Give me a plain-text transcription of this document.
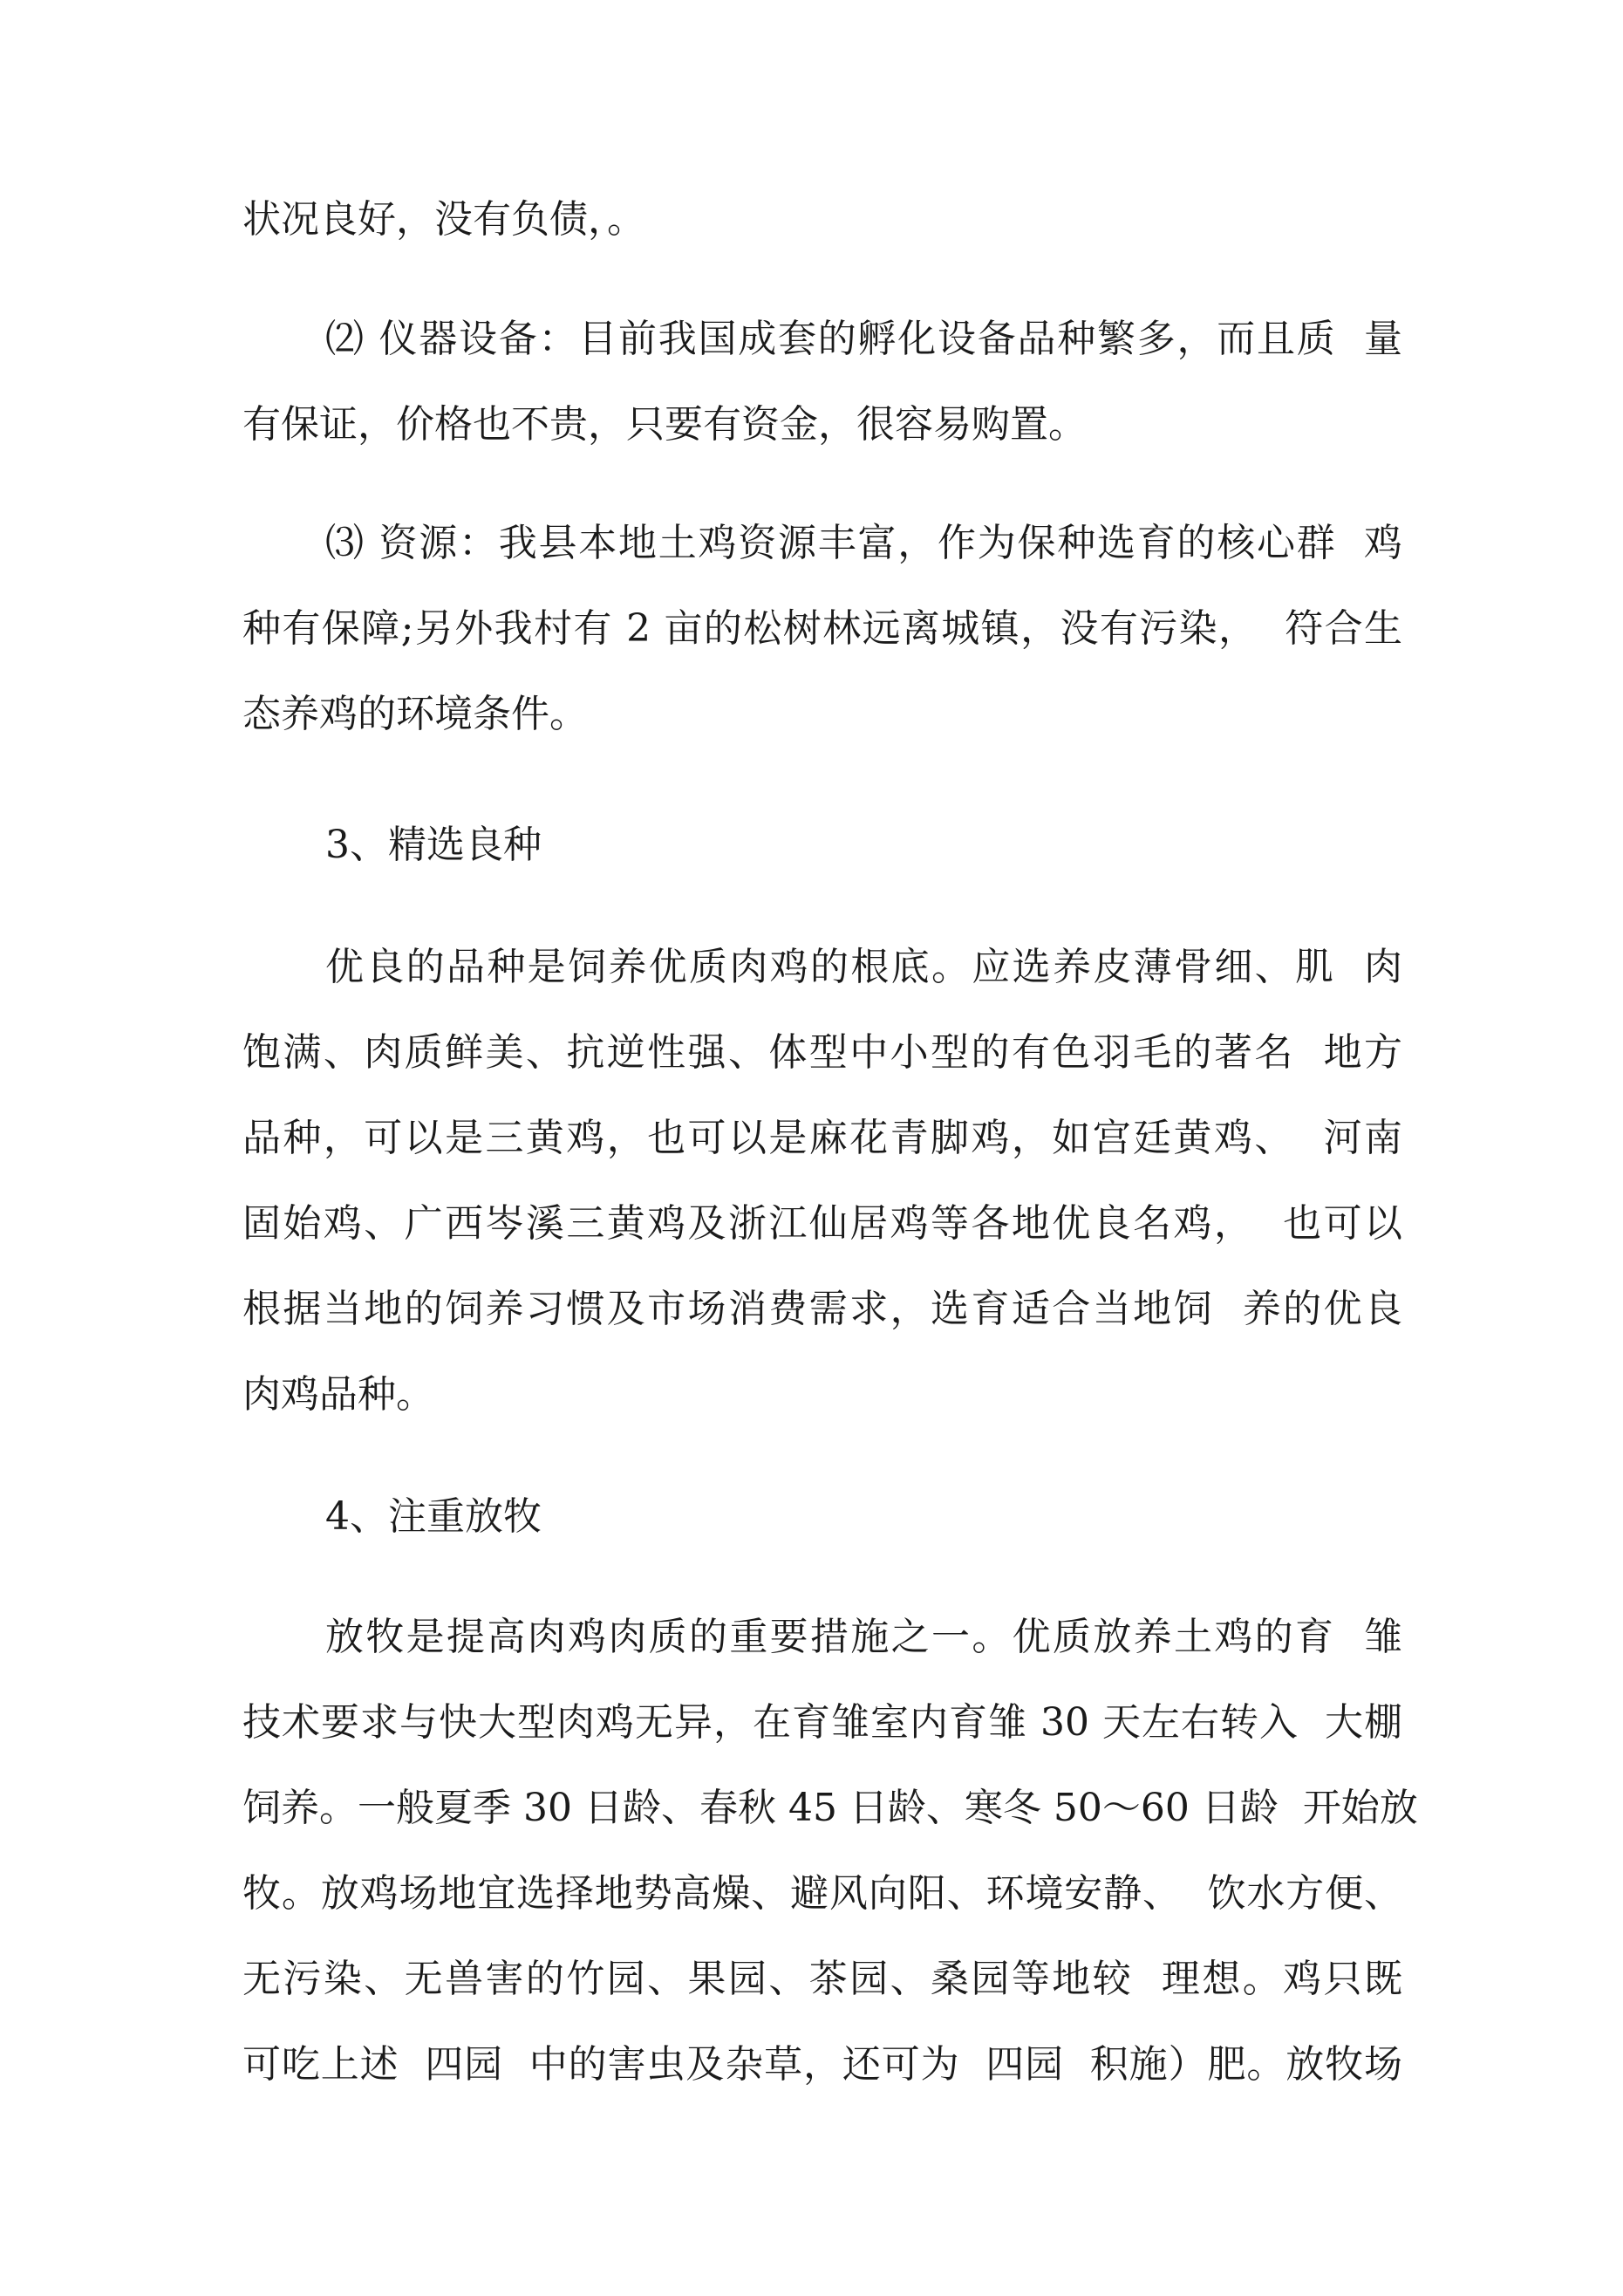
状况良好，没有负债，。
⑵ 仪器设备：目前我国成套的孵化设备品种繁多，而且质  量
有保证，价格也不贵，只要有资金，很容易购置。
⑶ 资源：我县本地土鸡资源丰富，作为保种选育的核心群  鸡
种有保障;另外我村有 2 亩的松树林远离城镇，没有污染，  符合生
态养鸡的环境条件。
3、精选良种
优良的品种是饲养优质肉鸡的根底。应选养皮薄骨细、肌  肉
饱满、肉质鲜美、抗逆性强、体型中小型的有色羽毛的著名  地方
品种，可以是三黄鸡，也可以是麻花青脚鸡，如宫廷黄鸡、  河南
固始鸡、广西岑溪三黄鸡及浙江仙居鸡等各地优良名鸡，  也可以
根据当地的饲养习惯及市场消费需求，选育适合当地饲  养的优良
肉鸡品种。
4、注重放牧
放牧是提高肉鸡肉质的重要措施之一。优质放养土鸡的育  雏
技术要求与快大型肉鸡无异，在育雏室内育雏 30 天左右转入  大棚
饲养。一般夏季 30 日龄、春秋 45 日龄、寒冬 50〜60 日龄  开始放
牧。放鸡场地宜选择地势高燥、避风向阳、环境安静、  饮水方便、
无污染、无兽害的竹园、果园、茶园、桑园等地较  理想。鸡只既
可吃上述  四园  中的害虫及杂草，还可为  四园  积施）肥。放牧场
